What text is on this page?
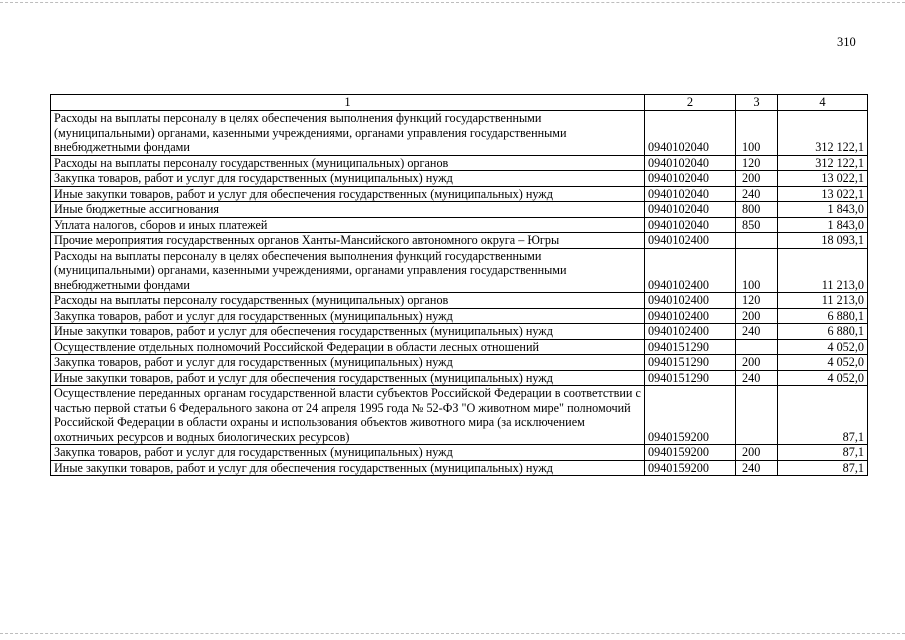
310
1	2	3	4
Расходы на выплаты персоналу в целях обеспечения выполнения функций государственными (муниципальными) органами, казенными учреждениями, органами управления государственными внебюджетными фондами	0940102040	100	312 122,1
Расходы на выплаты персоналу государственных (муниципальных) органов	0940102040	120	312 122,1
Закупка товаров, работ и услуг для государственных (муниципальных) нужд	0940102040	200	13 022,1
Иные закупки товаров, работ и услуг для обеспечения государственных (муниципальных) нужд	0940102040	240	13 022,1
Иные бюджетные ассигнования	0940102040	800	1 843,0
Уплата налогов, сборов и иных платежей	0940102040	850	1 843,0
Прочие мероприятия государственных органов Ханты-Мансийского автономного округа – Югры	0940102400		18 093,1
Расходы на выплаты персоналу в целях обеспечения выполнения функций государственными (муниципальными) органами, казенными учреждениями, органами управления государственными внебюджетными фондами	0940102400	100	11 213,0
Расходы на выплаты персоналу государственных (муниципальных) органов	0940102400	120	11 213,0
Закупка товаров, работ и услуг для государственных (муниципальных) нужд	0940102400	200	6 880,1
Иные закупки товаров, работ и услуг для обеспечения государственных (муниципальных) нужд	0940102400	240	6 880,1
Осуществление отдельных полномочий Российской Федерации в области лесных отношений	0940151290		4 052,0
Закупка товаров, работ и услуг для государственных (муниципальных) нужд	0940151290	200	4 052,0
Иные закупки товаров, работ и услуг для обеспечения государственных (муниципальных) нужд	0940151290	240	4 052,0
Осуществление переданных органам государственной власти субъектов Российской Федерации в соответствии с частью первой статьи 6 Федерального закона от 24 апреля 1995 года № 52-ФЗ "О животном мире" полномочий Российской Федерации в области охраны и использования объектов животного мира (за исключением охотничьих ресурсов и водных биологических ресурсов)	0940159200		87,1
Закупка товаров, работ и услуг для государственных (муниципальных) нужд	0940159200	200	87,1
Иные закупки товаров, работ и услуг для обеспечения государственных (муниципальных) нужд	0940159200	240	87,1
